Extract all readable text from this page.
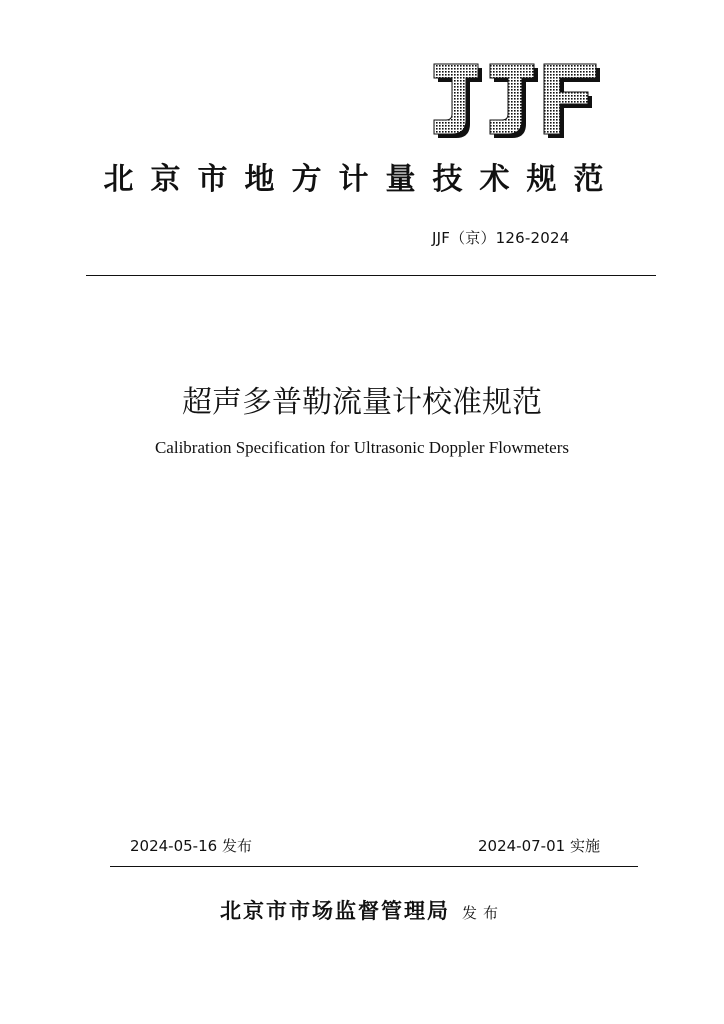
北京市地方计量技术规范
JJF（京）126-2024
超声多普勒流量计校准规范
Calibration Specification for Ultrasonic Doppler Flowmeters
2024-05-16 发布	2024-07-01 实施
北京市市场监督管理局 发布
